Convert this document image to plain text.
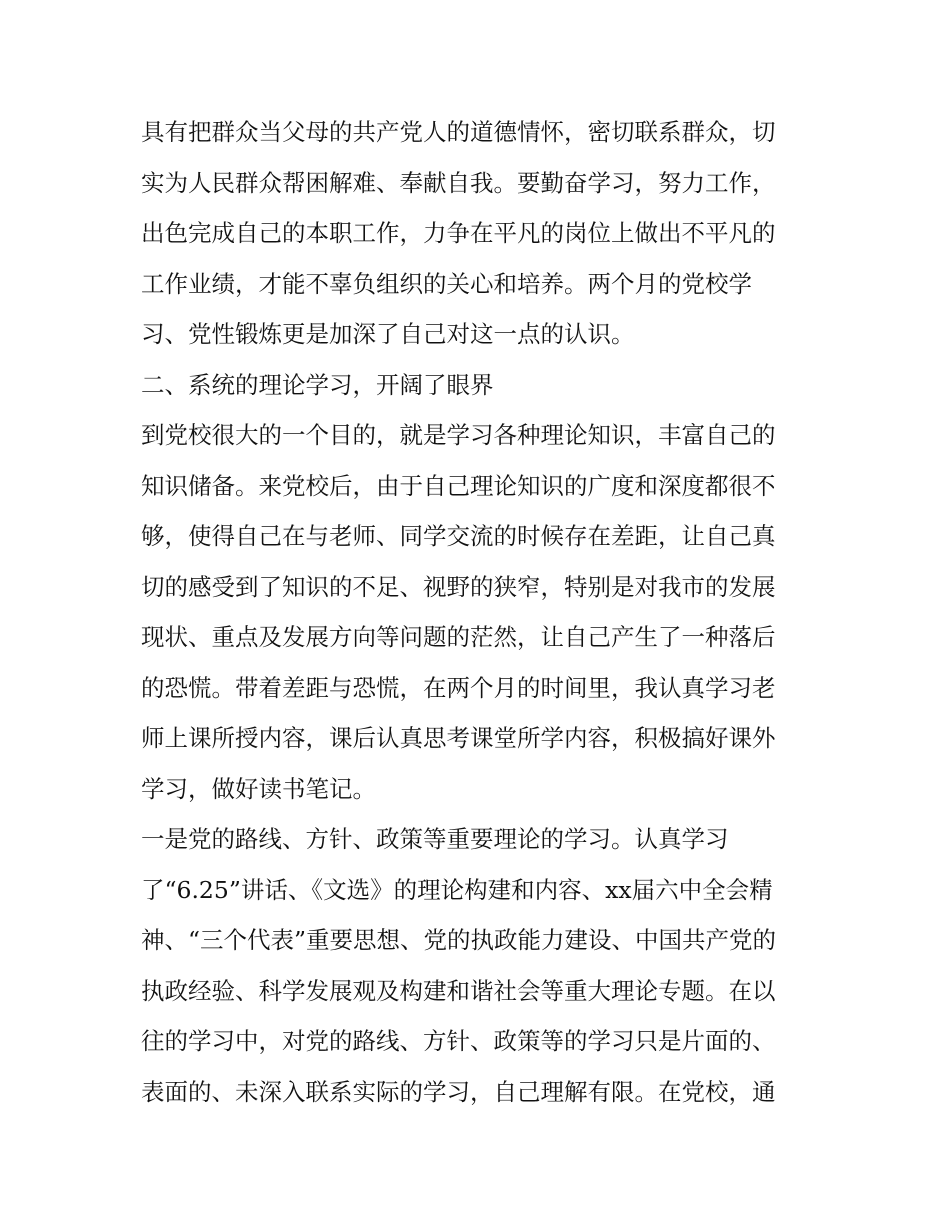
具有把群众当父母的共产党人的道德情怀，密切联系群众，切
实为人民群众帮困解难、奉献自我。要勤奋学习，努力工作，
出色完成自己的本职工作，力争在平凡的岗位上做出不平凡的
工作业绩，才能不辜负组织的关心和培养。两个月的党校学
习、党性锻炼更是加深了自己对这一点的认识。
二、系统的理论学习，开阔了眼界
到党校很大的一个目的，就是学习各种理论知识，丰富自己的
知识储备。来党校后，由于自己理论知识的广度和深度都很不
够，使得自己在与老师、同学交流的时候存在差距，让自己真
切的感受到了知识的不足、视野的狭窄，特别是对我市的发展
现状、重点及发展方向等问题的茫然，让自己产生了一种落后
的恐慌。带着差距与恐慌，在两个月的时间里，我认真学习老
师上课所授内容，课后认真思考课堂所学内容，积极搞好课外
学习，做好读书笔记。
一是党的路线、方针、政策等重要理论的学习。认真学习
了“6.25”讲话、《文选》的理论构建和内容、xx届六中全会精
神、“三个代表”重要思想、党的执政能力建设、中国共产党的
执政经验、科学发展观及构建和谐社会等重大理论专题。在以
往的学习中，对党的路线、方针、政策等的学习只是片面的、
表面的、未深入联系实际的学习，自己理解有限。在党校，通
